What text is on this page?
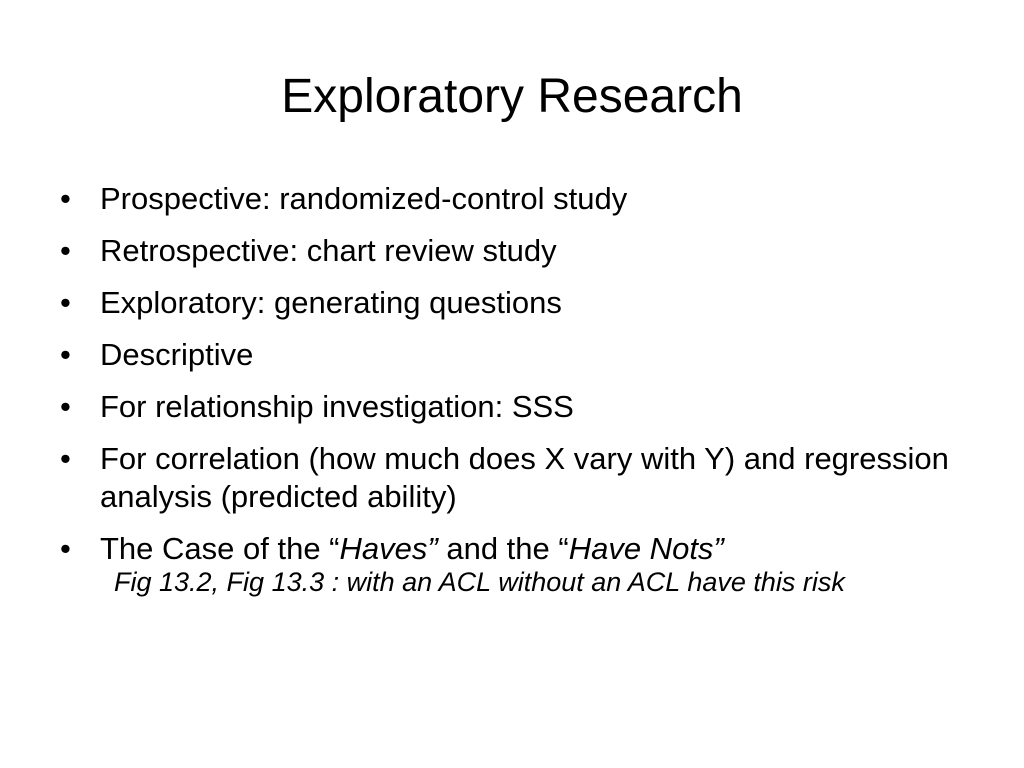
Exploratory Research
• Prospective: randomized-control study
• Retrospective: chart review study
• Exploratory: generating questions
• Descriptive
• For relationship investigation: SSS
• For correlation (how much does X vary with Y) and regression analysis (predicted ability)
• The Case of the “Haves” and the “Have Nots”
Fig 13.2, Fig 13.3 : with an ACL without an ACL have this risk
